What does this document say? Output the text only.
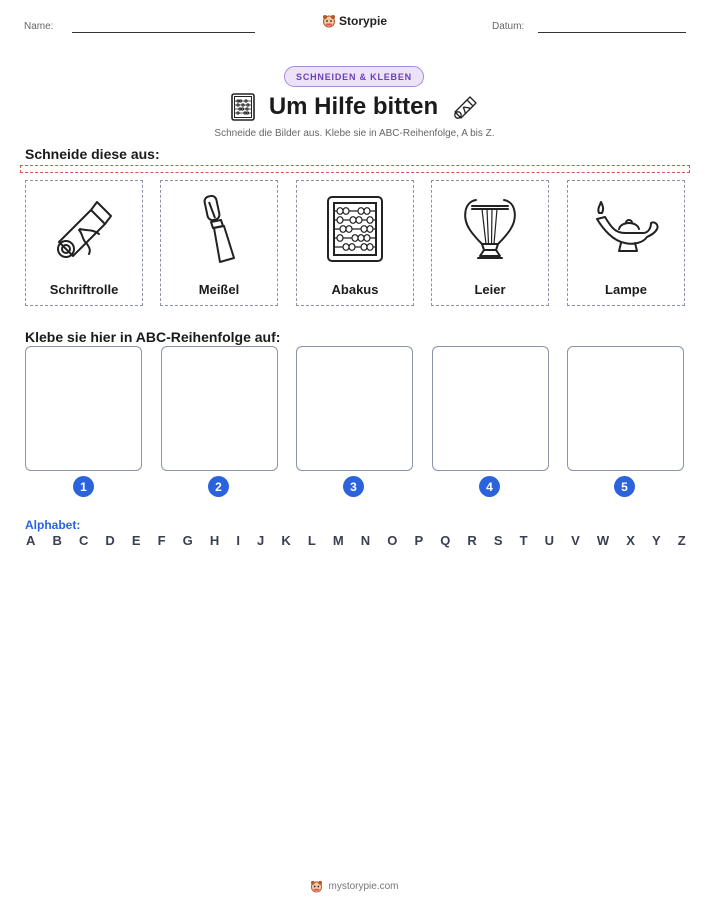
Name:	Storypie	Datum:
SCHNEIDEN & KLEBEN
Um Hilfe bitten
Schneide die Bilder aus. Klebe sie in ABC-Reihenfolge, A bis Z.
Schneide diese aus:
Schriftrolle	Meißel	Abakus	Leier	Lampe
Klebe sie hier in ABC-Reihenfolge auf:
1	2	3	4	5
Alphabet:
A B C D E F G H I J K L M N O P Q R S T U V W X Y Z
mystorypie.com
